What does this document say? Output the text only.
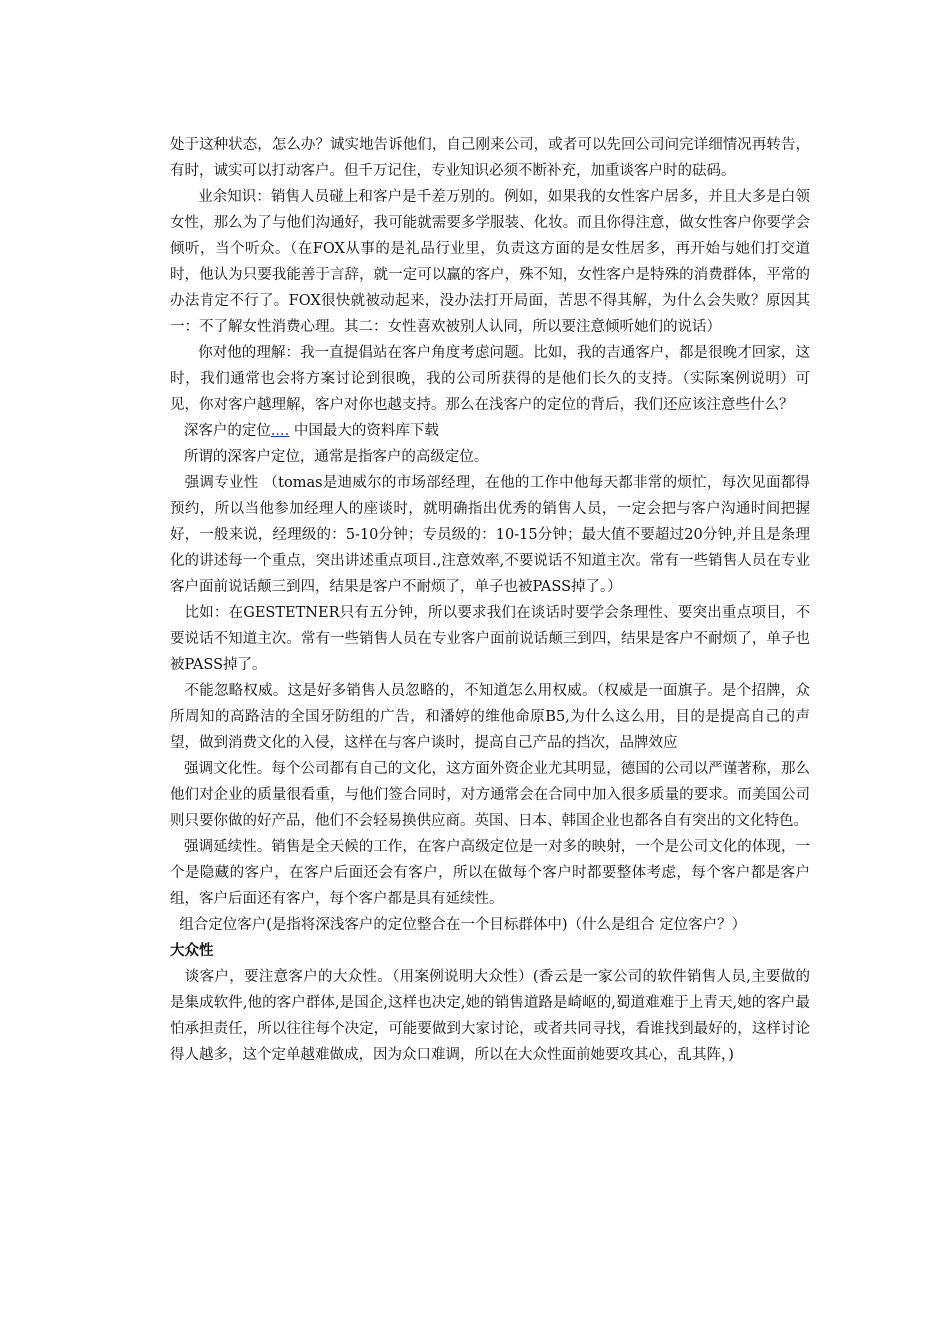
处于这种状态，怎么办？诚实地告诉他们，自己刚来公司，或者可以先回公司问完详细情况再转告，有时，诚实可以打动客户。但千万记住，专业知识必须不断补充，加重谈客户时的砝码。

业余知识：销售人员碰上和客户是千差万别的。例如，如果我的女性客户居多，并且大多是白领女性，那么为了与他们沟通好，我可能就需要多学服装、化妆。而且你得注意，做女性客户你要学会倾听，当个听众。（在FOX从事的是礼品行业里，负责这方面的是女性居多，再开始与她们打交道时，他认为只要我能善于言辞，就一定可以赢的客户，殊不知，女性客户是特殊的消费群体，平常的办法肯定不行了。FOX很快就被动起来，没办法打开局面，苦思不得其解，为什么会失败？原因其一：不了解女性消费心理。其二：女性喜欢被别人认同，所以要注意倾听她们的说话）

你对他的理解：我一直提倡站在客户角度考虑问题。比如，我的吉通客户，都是很晚才回家，这时，我们通常也会将方案讨论到很晚，我的公司所获得的是他们长久的支持。（实际案例说明）可见，你对客户越理解，客户对你也越支持。那么在浅客户的定位的背后，我们还应该注意些什么？

深客户的定位.... 中国最大的资料库下载

所谓的深客户定位，通常是指客户的高级定位。

强调专业性 （tomas是迪威尔的市场部经理，在他的工作中他每天都非常的烦忙，每次见面都得预约，所以当他参加经理人的座谈时，就明确指出优秀的销售人员，一定会把与客户沟通时间把握好，一般来说，经理级的：5-10分钟；专员级的：10-15分钟；最大值不要超过20分钟,并且是条理化的讲述每一个重点，突出讲述重点项目.,注意效率,不要说话不知道主次。常有一些销售人员在专业客户面前说话颠三到四，结果是客户不耐烦了，单子也被PASS掉了。）

比如：在GESTETNER只有五分钟，所以要求我们在谈话时要学会条理性、要突出重点项目，不要说话不知道主次。常有一些销售人员在专业客户面前说话颠三到四，结果是客户不耐烦了，单子也被PASS掉了。

不能忽略权威。这是好多销售人员忽略的，不知道怎么用权威。（权威是一面旗子。是个招牌，众所周知的高路洁的全国牙防组的广告，和潘婷的维他命原B5,为什么这么用，目的是提高自己的声望，做到消费文化的入侵，这样在与客户谈时，提高自己产品的挡次，品牌效应

强调文化性。每个公司都有自己的文化，这方面外资企业尤其明显，德国的公司以严谨著称，那么他们对企业的质量很看重，与他们签合同时，对方通常会在合同中加入很多质量的要求。而美国公司则只要你做的好产品，他们不会轻易换供应商。英国、日本、韩国企业也都各自有突出的文化特色。

强调延续性。销售是全天候的工作，在客户高级定位是一对多的映射，一个是公司文化的体现，一个是隐藏的客户，在客户后面还会有客户，所以在做每个客户时都要整体考虑，每个客户都是客户组，客户后面还有客户，每个客户都是具有延续性。

组合定位客户(是指将深浅客户的定位整合在一个目标群体中)（什么是组合 定位客户？）

大众性

谈客户，要注意客户的大众性。（用案例说明大众性）(香云是一家公司的软件销售人员,主要做的是集成软件,他的客户群体,是国企,这样也决定,她的销售道路是崎岖的,蜀道难难于上青天,她的客户最怕承担责任，所以往往每个决定，可能要做到大家讨论，或者共同寻找，看谁找到最好的，这样讨论得人越多，这个定单越难做成，因为众口难调，所以在大众性面前她要攻其心，乱其阵，)
